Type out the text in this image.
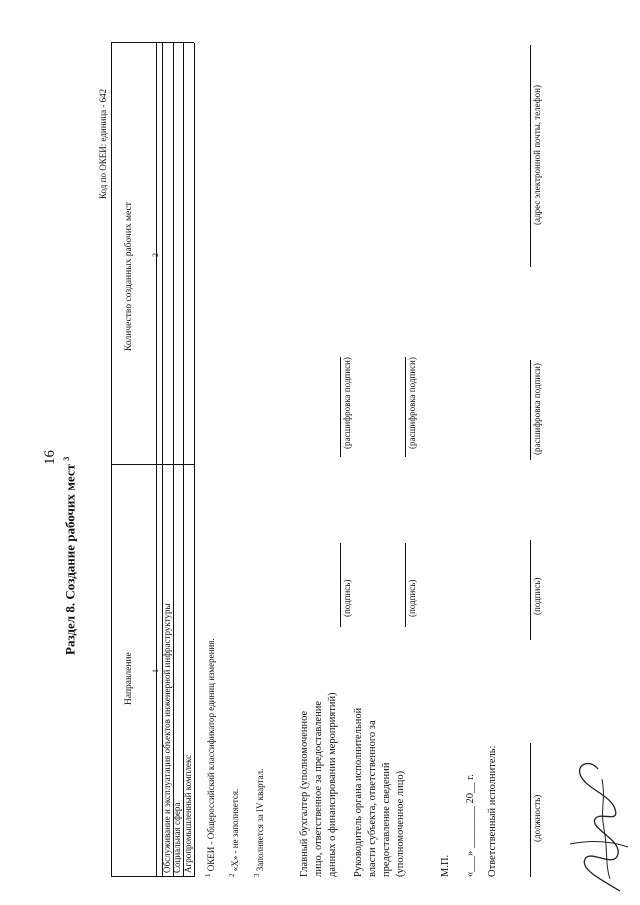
16
Раздел 8. Создание рабочих мест $^3$
Код по ОКЕИ: единица - 642
Направление
Количество созданных рабочих мест
1
2
Обслуживание и эксплуатация объектов инженерной инфраструктуры Социальная сфера Агропромышленный комплекс
$^1$ ОКЕИ - Общероссийский классификатор единиц измерения.
$^2$ «Х» - не заполняется.
$^3$ Заполняется за IV квартал.	Главный бухгалтер (уполномоченное лицо, ответственное за предоставление данных о финансировании мероприятий)
(подпись)
(расшифровка подписи)
Руководитель органа исполнительной власти субъекта, ответственного за предоставление сведений (уполномоченное лицо)
(подпись)
(расшифровка подписи)
М.П. «___» ________ 20__ г. Ответственный исполнитель:	(должность)
(подпись)
(расшифровка подписи)
(адрес электронной почты, телефон)
